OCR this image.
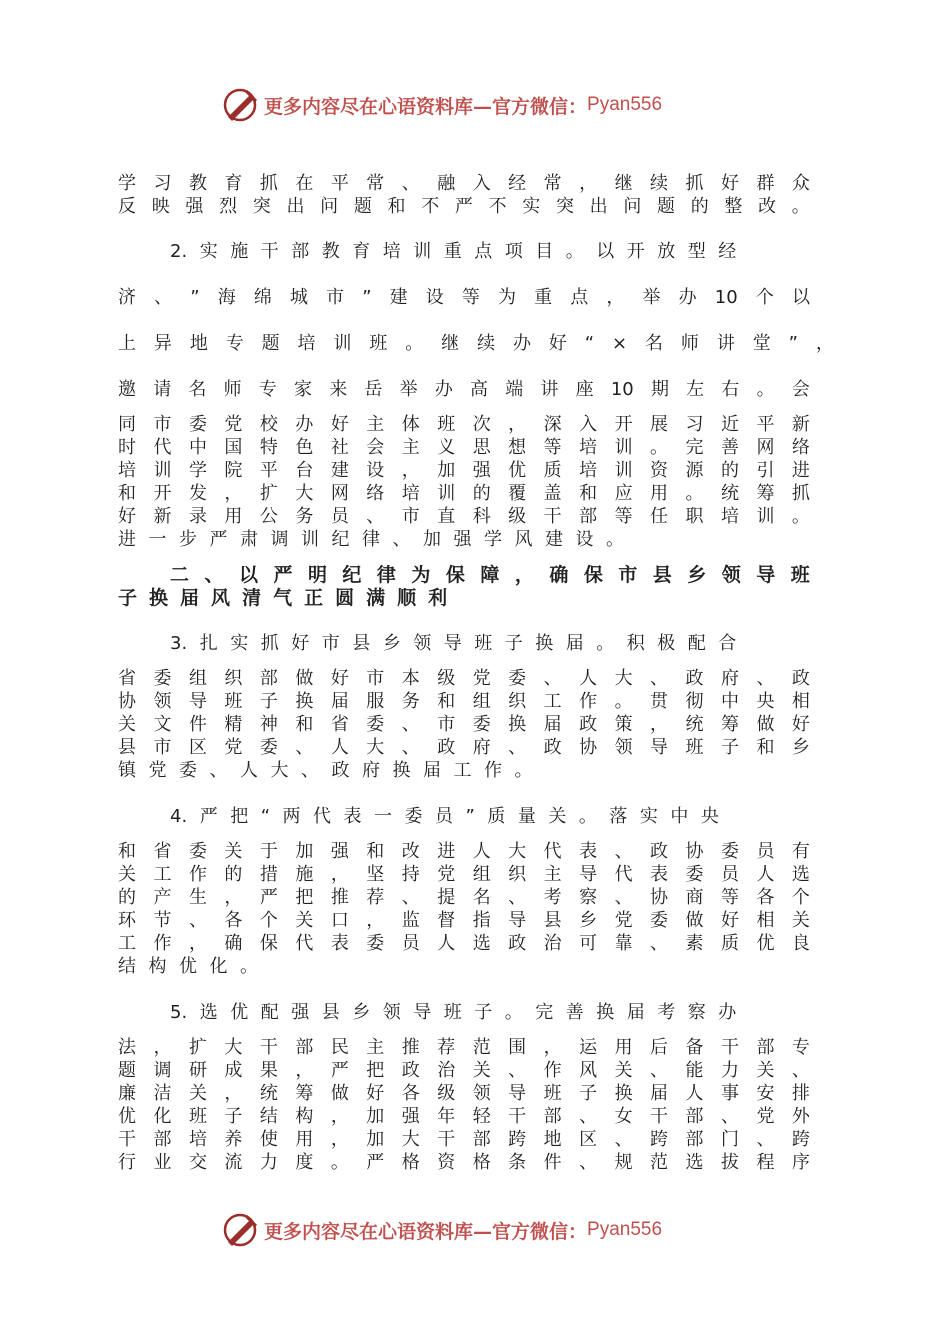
更多内容尽在心语资料库—官方微信： Pyan556
学 习 教 育 抓 在 平 常 、 融 入 经 常 ， 继 续 抓 好 群 众
反 映 强 烈 突 出 问 题 和 不 严 不 实 突 出 问 题 的 整 改 。
2. 实 施 干 部 教 育 培 训 重 点 项 目 。 以 开 放 型 经
济 、 ” 海 绵 城 市 ” 建 设 等 为 重 点 ， 举 办 10 个 以
上 异 地 专 题 培 训 班 。 继 续 办 好 “ × 名 师 讲 堂 ” ，
邀 请 名 师 专 家 来 岳 举 办 高 端 讲 座 10 期 左 右 。 会
同 市 委 党 校 办 好 主 体 班 次 ， 深 入 开 展 习 近 平 新
时 代 中 国 特 色 社 会 主 义 思 想 等 培 训 。 完 善 网 络
培 训 学 院 平 台 建 设 ， 加 强 优 质 培 训 资 源 的 引 进
和 开 发 ， 扩 大 网 络 培 训 的 覆 盖 和 应 用 。 统 筹 抓
好 新 录 用 公 务 员 、 市 直 科 级 干 部 等 任 职 培 训 。
进 一 步 严 肃 调 训 纪 律 、 加 强 学 风 建 设 。
二 、 以 严 明 纪 律 为 保 障 ， 确 保 市 县 乡 领 导 班
子 换 届 风 清 气 正 圆 满 顺 利
3. 扎 实 抓 好 市 县 乡 领 导 班 子 换 届 。 积 极 配 合
省 委 组 织 部 做 好 市 本 级 党 委 、 人 大 、 政 府 、 政
协 领 导 班 子 换 届 服 务 和 组 织 工 作 。 贯 彻 中 央 相
关 文 件 精 神 和 省 委 、 市 委 换 届 政 策 ， 统 筹 做 好
县 市 区 党 委 、 人 大 、 政 府 、 政 协 领 导 班 子 和 乡
镇 党 委 、 人 大 、 政 府 换 届 工 作 。
4. 严 把 “ 两 代 表 一 委 员 ” 质 量 关 。 落 实 中 央
和 省 委 关 于 加 强 和 改 进 人 大 代 表 、 政 协 委 员 有
关 工 作 的 措 施 ， 坚 持 党 组 织 主 导 代 表 委 员 人 选
的 产 生 ， 严 把 推 荐 、 提 名 、 考 察 、 协 商 等 各 个
环 节 、 各 个 关 口 ， 监 督 指 导 县 乡 党 委 做 好 相 关
工 作 ， 确 保 代 表 委 员 人 选 政 治 可 靠 、 素 质 优 良
结 构 优 化 。
5. 选 优 配 强 县 乡 领 导 班 子 。 完 善 换 届 考 察 办
法 ， 扩 大 干 部 民 主 推 荐 范 围 ， 运 用 后 备 干 部 专
题 调 研 成 果 ， 严 把 政 治 关 、 作 风 关 、 能 力 关 、
廉 洁 关 ， 统 筹 做 好 各 级 领 导 班 子 换 届 人 事 安 排
优 化 班 子 结 构 ， 加 强 年 轻 干 部 、 女 干 部 、 党 外
干 部 培 养 使 用 ， 加 大 干 部 跨 地 区 、 跨 部 门 、 跨
行 业 交 流 力 度 。 严 格 资 格 条 件 、 规 范 选 拔 程 序
更多内容尽在心语资料库—官方微信： Pyan556
